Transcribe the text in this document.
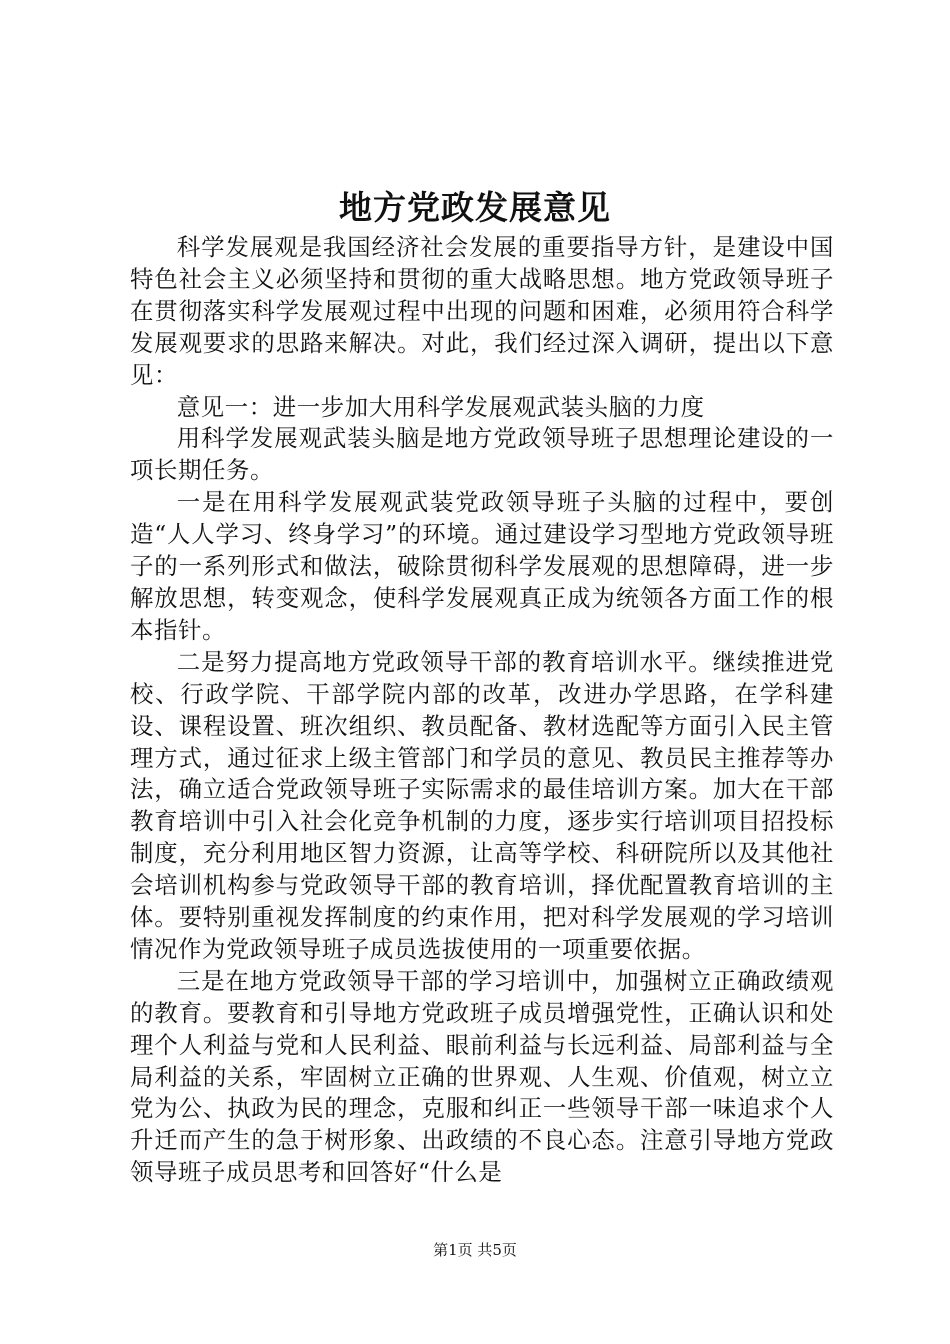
地方党政发展意见

科学发展观是我国经济社会发展的重要指导方针，是建设中国特色社会主义必须坚持和贯彻的重大战略思想。地方党政领导班子在贯彻落实科学发展观过程中出现的问题和困难，必须用符合科学发展观要求的思路来解决。对此，我们经过深入调研，提出以下意见：

意见一：进一步加大用科学发展观武装头脑的力度

用科学发展观武装头脑是地方党政领导班子思想理论建设的一项长期任务。

一是在用科学发展观武装党政领导班子头脑的过程中，要创造“人人学习、终身学习”的环境。通过建设学习型地方党政领导班子的一系列形式和做法，破除贯彻科学发展观的思想障碍，进一步解放思想，转变观念，使科学发展观真正成为统领各方面工作的根本指针。

二是努力提高地方党政领导干部的教育培训水平。继续推进党校、行政学院、干部学院内部的改革，改进办学思路，在学科建设、课程设置、班次组织、教员配备、教材选配等方面引入民主管理方式，通过征求上级主管部门和学员的意见、教员民主推荐等办法，确立适合党政领导班子实际需求的最佳培训方案。加大在干部教育培训中引入社会化竞争机制的力度，逐步实行培训项目招投标制度，充分利用地区智力资源，让高等学校、科研院所以及其他社会培训机构参与党政领导干部的教育培训，择优配置教育培训的主体。要特别重视发挥制度的约束作用，把对科学发展观的学习培训情况作为党政领导班子成员选拔使用的一项重要依据。

三是在地方党政领导干部的学习培训中，加强树立正确政绩观的教育。要教育和引导地方党政班子成员增强党性，正确认识和处理个人利益与党和人民利益、眼前利益与长远利益、局部利益与全局利益的关系，牢固树立正确的世界观、人生观、价值观，树立立党为公、执政为民的理念，克服和纠正一些领导干部一味追求个人升迁而产生的急于树形象、出政绩的不良心态。注意引导地方党政领导班子成员思考和回答好“什么是

第1页 共5页
